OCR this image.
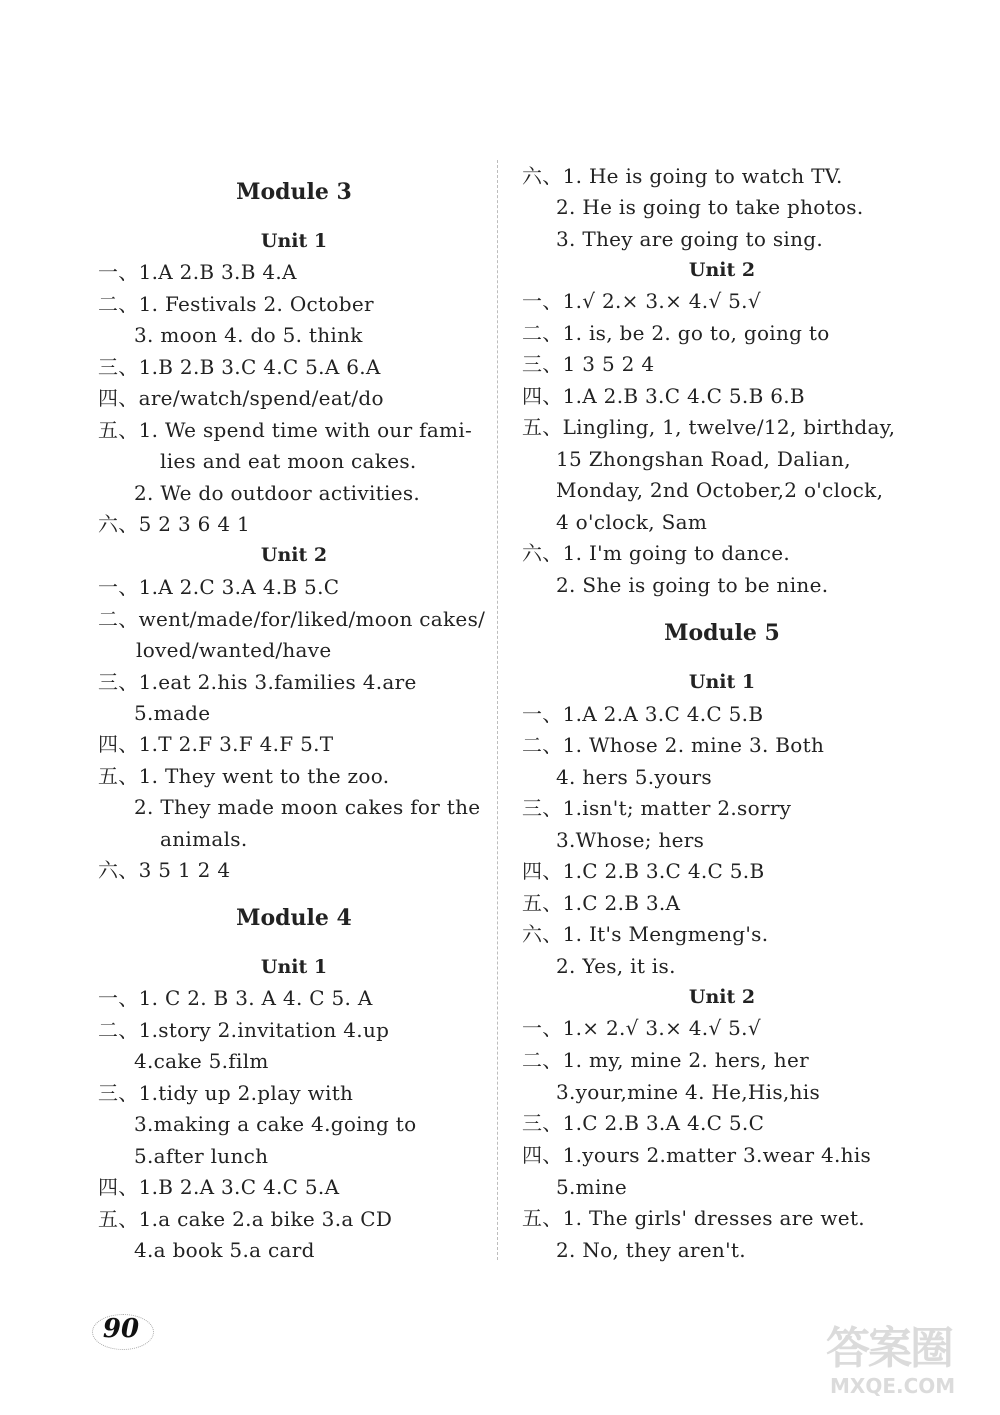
Module 3
Unit 1
一、1.A 2.B 3.B 4.A
二、1. Festivals 2. October
3. moon 4. do 5. think
三、1.B 2.B 3.C 4.C 5.A 6.A
四、are/watch/spend/eat/do
五、1. We spend time with our fami-
lies and eat moon cakes.
2. We do outdoor activities.
六、5 2 3 6 4 1
Unit 2
一、1.A 2.C 3.A 4.B 5.C
二、went/made/for/liked/moon cakes/
loved/wanted/have
三、1.eat 2.his 3.families 4.are
5.made
四、1.T 2.F 3.F 4.F 5.T
五、1. They went to the zoo.
2. They made moon cakes for the
animals.
六、3 5 1 2 4
Module 4
Unit 1
一、1. C 2. B 3. A 4. C 5. A
二、1.story 2.invitation 4.up
4.cake 5.film
三、1.tidy up 2.play with
3.making a cake 4.going to
5.after lunch
四、1.B 2.A 3.C 4.C 5.A
五、1.a cake 2.a bike 3.a CD
4.a book 5.a card
六、1. He is going to watch TV.
2. He is going to take photos.
3. They are going to sing.
Unit 2
一、1.√ 2.× 3.× 4.√ 5.√
二、1. is, be 2. go to, going to
三、1 3 5 2 4
四、1.A 2.B 3.C 4.C 5.B 6.B
五、Lingling, 1, twelve/12, birthday,
15 Zhongshan Road, Dalian,
Monday, 2nd October,2 o'clock,
4 o'clock, Sam
六、1. I'm going to dance.
2. She is going to be nine.
Module 5
Unit 1
一、1.A 2.A 3.C 4.C 5.B
二、1. Whose 2. mine 3. Both
4. hers 5.yours
三、1.isn't; matter 2.sorry
3.Whose; hers
四、1.C 2.B 3.C 4.C 5.B
五、1.C 2.B 3.A
六、1. It's Mengmeng's.
2. Yes, it is.
Unit 2
一、1.× 2.√ 3.× 4.√ 5.√
二、1. my, mine 2. hers, her
3.your,mine 4. He,His,his
三、1.C 2.B 3.A 4.C 5.C
四、1.yours 2.matter 3.wear 4.his
5.mine
五、1. The girls' dresses are wet.
2. No, they aren't.
90	答案圈
MXQE.COM
